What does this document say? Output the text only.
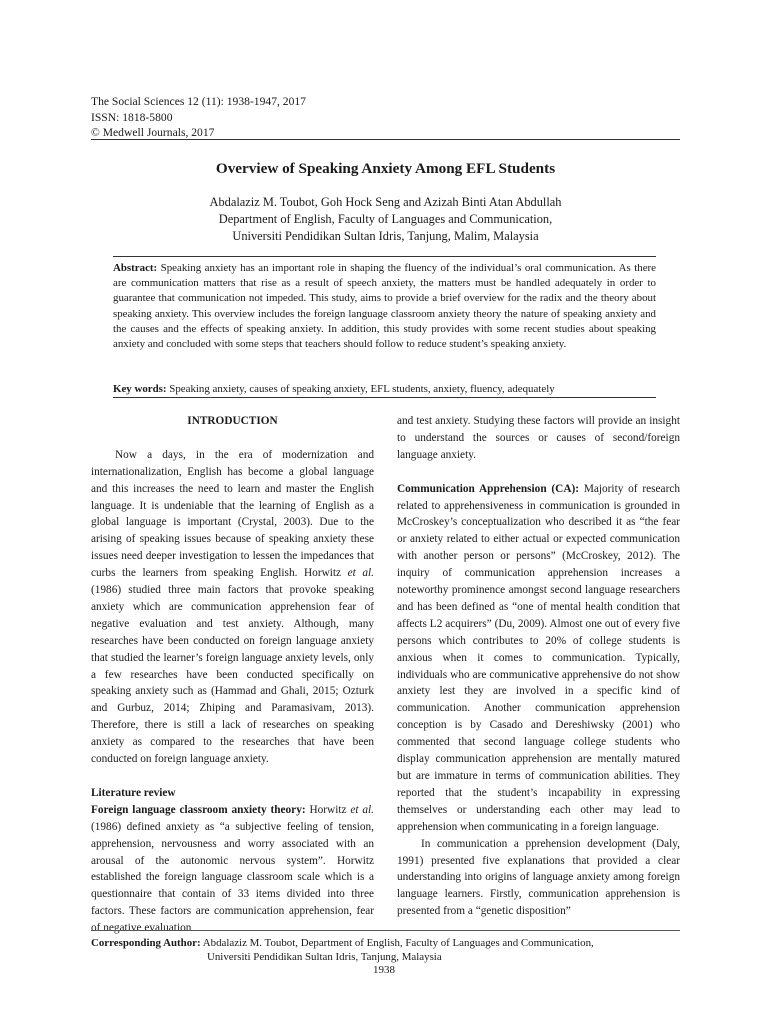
The Social Sciences 12 (11): 1938-1947, 2017
ISSN: 1818-5800
© Medwell Journals, 2017
Overview of Speaking Anxiety Among EFL Students
Abdalaziz M. Toubot, Goh Hock Seng and Azizah Binti Atan Abdullah
Department of English, Faculty of Languages and Communication,
Universiti Pendidikan Sultan Idris, Tanjung, Malim, Malaysia
Abstract: Speaking anxiety has an important role in shaping the fluency of the individual’s oral communication. As there are communication matters that rise as a result of speech anxiety, the matters must be handled adequately in order to guarantee that communication not impeded. This study, aims to provide a brief overview for the radix and the theory about speaking anxiety. This overview includes the foreign language classroom anxiety theory the nature of speaking anxiety and the causes and the effects of speaking anxiety. In addition, this study provides with some recent studies about speaking anxiety and concluded with some steps that teachers should follow to reduce student’s speaking anxiety.
Key words: Speaking anxiety, causes of speaking anxiety, EFL students, anxiety, fluency, adequately

INTRODUCTION

Now a days, in the era of modernization and internationalization, English has become a global language and this increases the need to learn and master the English language. It is undeniable that the learning of English as a global language is important (Crystal, 2003). Due to the arising of speaking issues because of speaking anxiety these issues need deeper investigation to lessen the impedances that curbs the learners from speaking English. Horwitz et al. (1986) studied three main factors that provoke speaking anxiety which are communication apprehension fear of negative evaluation and test anxiety. Although, many researches have been conducted on foreign language anxiety that studied the learner’s foreign language anxiety levels, only a few researches have been conducted specifically on speaking anxiety such as (Hammad and Ghali, 2015; Ozturk and Gurbuz, 2014; Zhiping and Paramasivam, 2013). Therefore, there is still a lack of researches on speaking anxiety as compared to the researches that have been conducted on foreign language anxiety.

Literature review

Foreign language classroom anxiety theory: Horwitz et al. (1986) defined anxiety as “a subjective feeling of tension, apprehension, nervousness and worry associated with an arousal of the autonomic nervous system”. Horwitz established the foreign language classroom scale which is a questionnaire that contain of 33 items divided into three factors. These factors are communication apprehension, fear of negative evaluation

and test anxiety. Studying these factors will provide an insight to understand the sources or causes of second/foreign language anxiety.

Communication Apprehension (CA): Majority of research related to apprehensiveness in communication is grounded in McCroskey’s conceptualization who described it as “the fear or anxiety related to either actual or expected communication with another person or persons” (McCroskey, 2012). The inquiry of communication apprehension increases a noteworthy prominence amongst second language researchers and has been defined as “one of mental health condition that affects L2 acquirers” (Du, 2009). Almost one out of every five persons which contributes to 20% of college students is anxious when it comes to communication. Typically, individuals who are communicative apprehensive do not show anxiety lest they are involved in a specific kind of communication. Another communication apprehension conception is by Casado and Dereshiwsky (2001) who commented that second language college students who display communication apprehension are mentally matured but are immature in terms of communication abilities. They reported that the student’s incapability in expressing themselves or understanding each other may lead to apprehension when communicating in a foreign language.

In communication a pprehension development (Daly, 1991) presented five explanations that provided a clear understanding into origins of language anxiety among foreign language learners. Firstly, communication apprehension is presented from a “genetic disposition”

Corresponding Author: Abdalaziz M. Toubot, Department of English, Faculty of Languages and Communication,
Universiti Pendidikan Sultan Idris, Tanjung, Malaysia
1938
